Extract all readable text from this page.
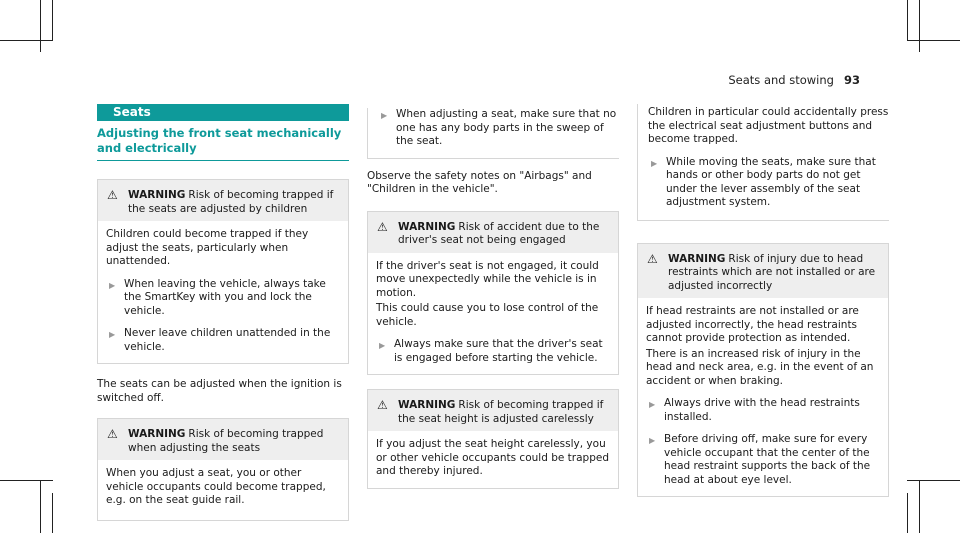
Seats and stowing 93
Seats
Adjusting the front seat mechanically and electrically
⚠ WARNING Risk of becoming trapped if the seats are adjusted by children

Children could become trapped if they adjust the seats, particularly when unattended.

▶ When leaving the vehicle, always take the SmartKey with you and lock the vehicle.
▶ Never leave children unattended in the vehicle.

The seats can be adjusted when the ignition is switched off.

⚠ WARNING Risk of becoming trapped when adjusting the seats

When you adjust a seat, you or other vehicle occupants could become trapped, e.g. on the seat guide rail.

▶ When adjusting a seat, make sure that no one has any body parts in the sweep of the seat.

Observe the safety notes on "Airbags" and "Children in the vehicle".

⚠ WARNING Risk of accident due to the driver's seat not being engaged

If the driver's seat is not engaged, it could move unexpectedly while the vehicle is in motion.

This could cause you to lose control of the vehicle.

▶ Always make sure that the driver's seat is engaged before starting the vehicle.
⚠ WARNING Risk of becoming trapped if the seat height is adjusted carelessly

If you adjust the seat height carelessly, you or other vehicle occupants could be trapped and thereby injured.

Children in particular could accidentally press the electrical seat adjustment buttons and become trapped.

▶ While moving the seats, make sure that hands or other body parts do not get under the lever assembly of the seat adjustment system.
⚠ WARNING Risk of injury due to head restraints which are not installed or are adjusted incorrectly

If head restraints are not installed or are adjusted incorrectly, the head restraints cannot provide protection as intended.

There is an increased risk of injury in the head and neck area, e.g. in the event of an accident or when braking.

▶ Always drive with the head restraints installed.
▶ Before driving off, make sure for every vehicle occupant that the center of the head restraint supports the back of the head at about eye level.
